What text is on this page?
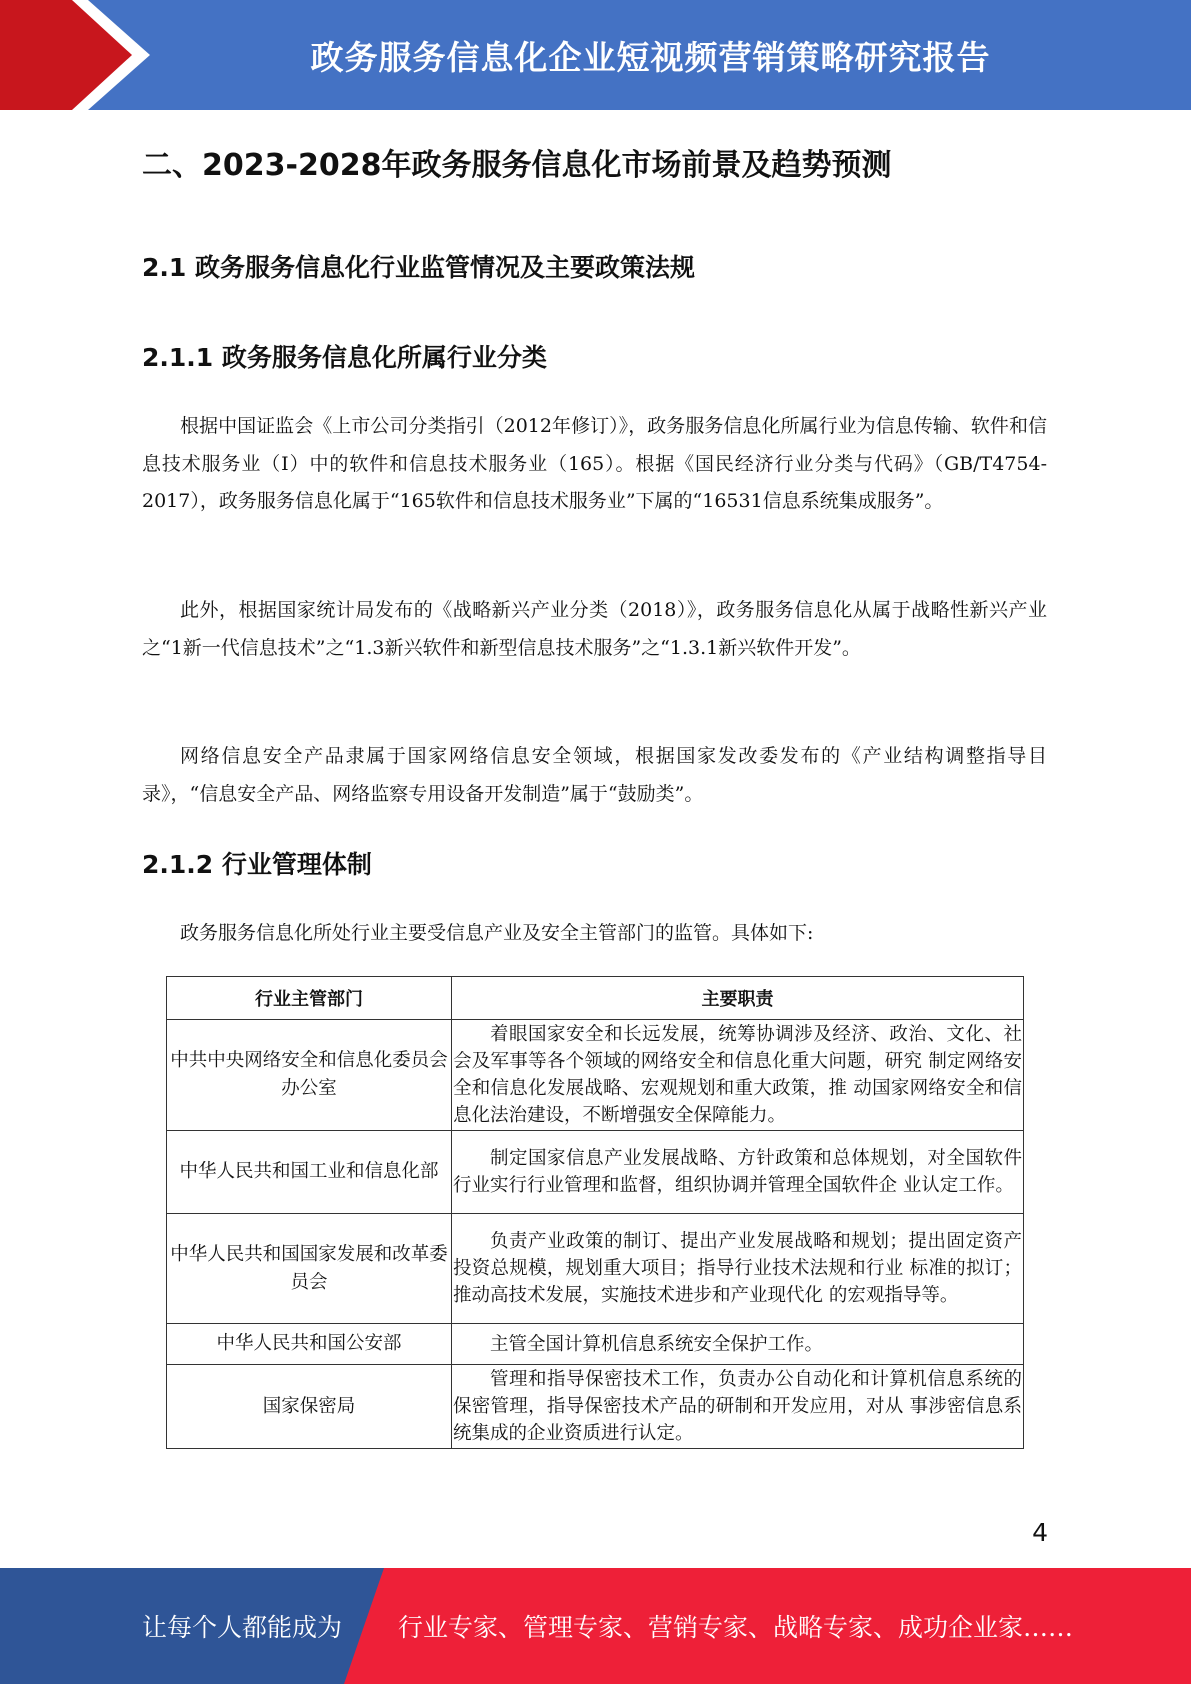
政务服务信息化企业短视频营销策略研究报告
二、2023-2028年政务服务信息化市场前景及趋势预测
2.1 政务服务信息化行业监管情况及主要政策法规
2.1.1 政务服务信息化所属行业分类
根据中国证监会《上市公司分类指引（2012年修订）》，政务服务信息化所属行业为信息传输、软件和信息技术服务业（I）中的软件和信息技术服务业（165）。根据《国民经济行业分类与代码》（GB/T4754-2017），政务服务信息化属于“165软件和信息技术服务业”下属的“16531信息系统集成服务”。
此外，根据国家统计局发布的《战略新兴产业分类（2018）》，政务服务信息化从属于战略性新兴产业之“1新一代信息技术”之“1.3新兴软件和新型信息技术服务”之“1.3.1新兴软件开发”。
网络信息安全产品隶属于国家网络信息安全领域，根据国家发改委发布的《产业结构调整指导目录》，“信息安全产品、网络监察专用设备开发制造”属于“鼓励类”。
2.1.2 行业管理体制
政务服务信息化所处行业主要受信息产业及安全主管部门的监管。具体如下:
行业主管部门	主要职责
中共中央网络安全和信息化委员会办公室	着眼国家安全和长远发展，统筹协调涉及经济、政治、文化、社会及军事等各个领域的网络安全和信息化重大问题，研究 制定网络安全和信息化发展战略、宏观规划和重大政策，推 动国家网络安全和信息化法治建设，不断增强安全保障能力。
中华人民共和国工业和信息化部	制定国家信息产业发展战略、方针政策和总体规划，对全国软件行业实行行业管理和监督，组织协调并管理全国软件企 业认定工作。
中华人民共和国国家发展和改革委员会	负责产业政策的制订、提出产业发展战略和规划；提出固定资产投资总规模，规划重大项目；指导行业技术法规和行业 标准的拟订；推动高技术发展，实施技术进步和产业现代化 的宏观指导等。
中华人民共和国公安部	主管全国计算机信息系统安全保护工作。
国家保密局	管理和指导保密技术工作，负责办公自动化和计算机信息系统的保密管理，指导保密技术产品的研制和开发应用，对从 事涉密信息系统集成的企业资质进行认定。
4
让每个人都能成为 行业专家、管理专家、营销专家、战略专家、成功企业家……
